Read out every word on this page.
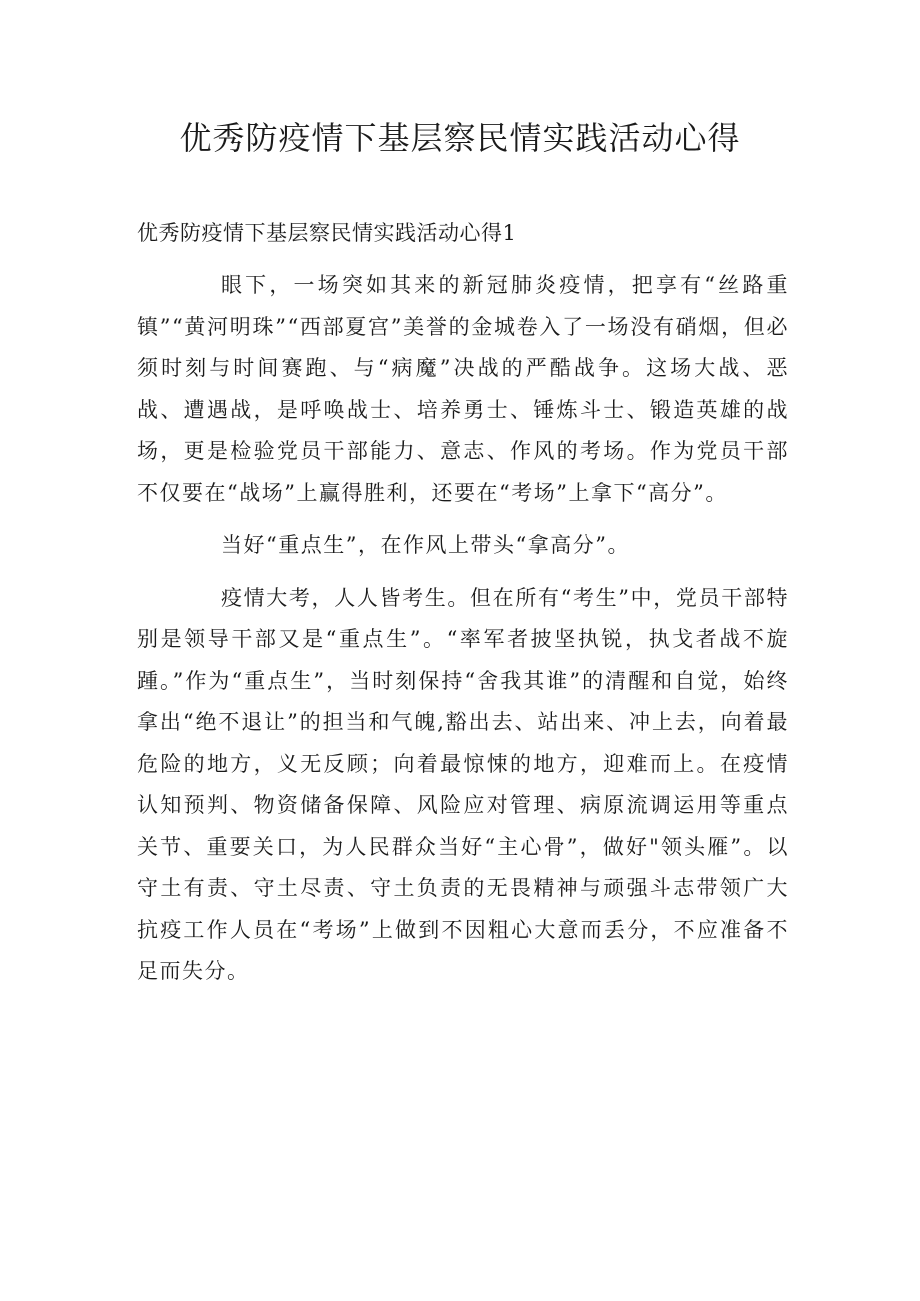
优秀防疫情下基层察民情实践活动心得

优秀防疫情下基层察民情实践活动心得1

眼下，一场突如其来的新冠肺炎疫情，把享有“丝路重镇”“黄河明珠”“西部夏宫”美誉的金城卷入了一场没有硝烟，但必须时刻与时间赛跑、与“病魔”决战的严酷战争。这场大战、恶战、遭遇战，是呼唤战士、培养勇士、锤炼斗士、锻造英雄的战场，更是检验党员干部能力、意志、作风的考场。作为党员干部不仅要在“战场”上赢得胜利，还要在“考场”上拿下“高分”。

当好“重点生”，在作风上带头“拿高分”。

疫情大考，人人皆考生。但在所有“考生”中，党员干部特别是领导干部又是“重点生”。“率军者披坚执锐，执戈者战不旋踵。”作为“重点生”，当时刻保持“舍我其谁”的清醒和自觉，始终拿出“绝不退让”的担当和气魄,豁出去、站出来、冲上去，向着最危险的地方，义无反顾；向着最惊悚的地方，迎难而上。在疫情认知预判、物资储备保障、风险应对管理、病原流调运用等重点关节、重要关口，为人民群众当好“主心骨”，做好"领头雁”。以守土有责、守土尽责、守土负责的无畏精神与顽强斗志带领广大抗疫工作人员在“考场”上做到不因粗心大意而丢分，不应准备不足而失分。
